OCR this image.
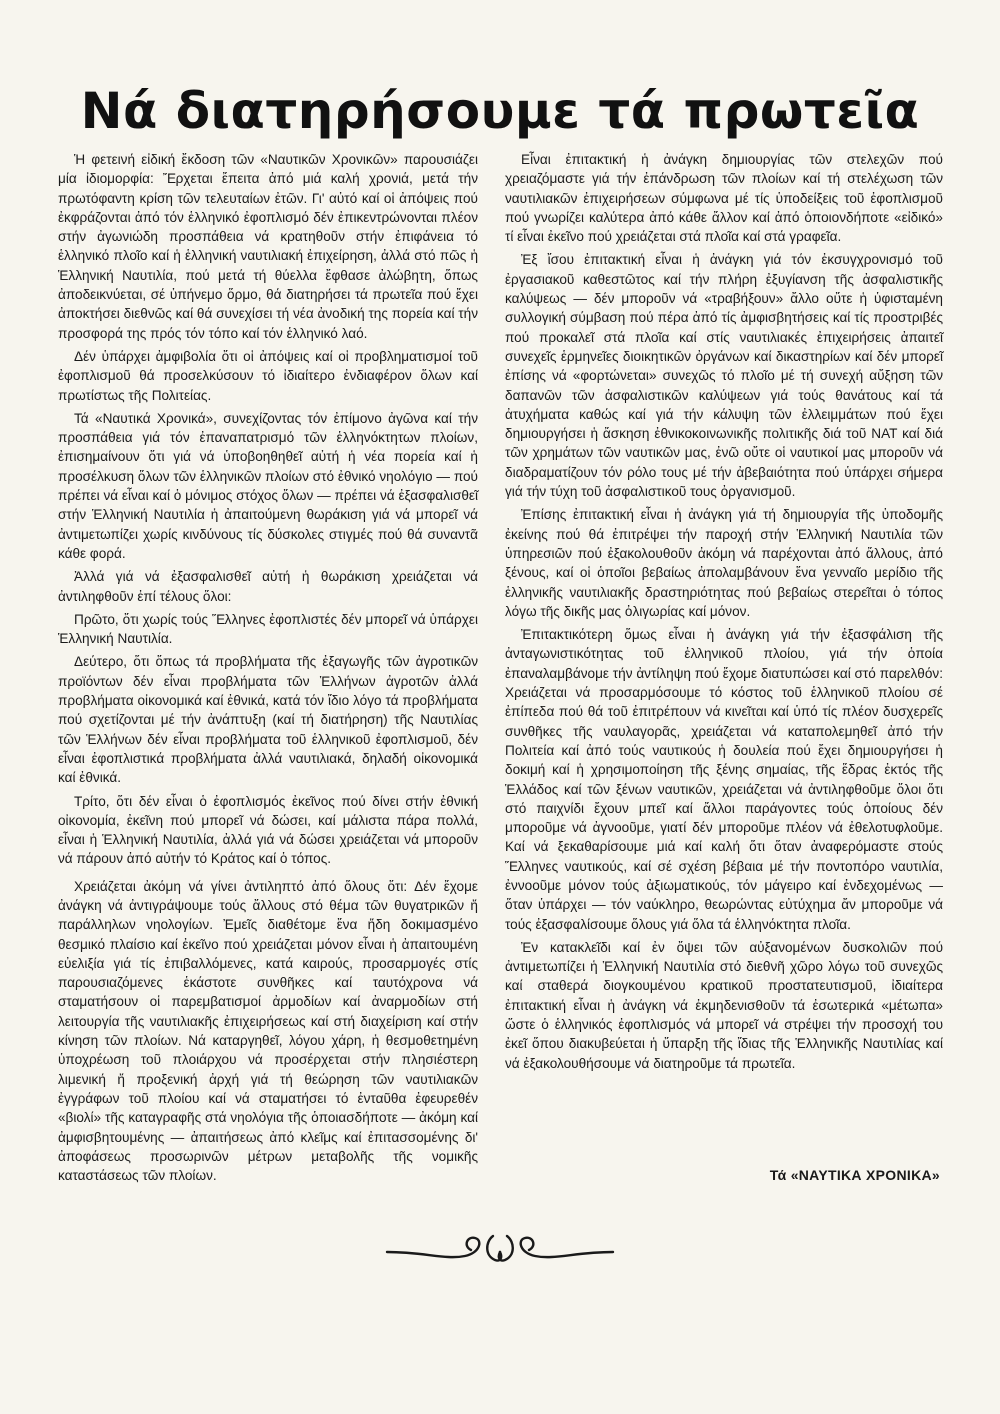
Νά διατηρήσουμε τά πρωτεῖα

Ἡ φετεινή εἰδική ἔκδοση τῶν «Ναυτικῶν Χρονικῶν» παρουσιάζει μία ἰδιομορφία: Ἔρχεται ἔπειτα ἀπό μιά καλή χρονιά, μετά τήν πρωτόφαντη κρίση τῶν τελευταίων ἐτῶν. Γι' αὐτό καί οἱ ἀπόψεις πού ἐκφράζονται ἀπό τόν ἑλληνικό ἐφοπλισμό δέν ἐπικεντρώνονται πλέον στήν ἀγωνιώδη προσπάθεια νά κρατηθοῦν στήν ἐπιφάνεια τό ἑλληνικό πλοῖο καί ἡ ἑλληνική ναυτιλιακή ἐπιχείρηση, ἀλλά στό πῶς ἡ Ἑλληνική Ναυτιλία, πού μετά τή θύελλα ἔφθασε ἀλώβητη, ὅπως ἀποδεικνύεται, σέ ὑπήνεμο ὅρμο, θά διατηρήσει τά πρωτεῖα πού ἔχει ἀποκτήσει διεθνῶς καί θά συνεχίσει τή νέα ἀνοδική της πορεία καί τήν προσφορά της πρός τόν τόπο καί τόν ἑλληνικό λαό.

Δέν ὑπάρχει ἀμφιβολία ὅτι οἱ ἀπόψεις καί οἱ προβληματισμοί τοῦ ἐφοπλισμοῦ θά προσελκύσουν τό ἰδιαίτερο ἐνδιαφέρον ὅλων καί πρωτίστως τῆς Πολιτείας.

Τά «Ναυτικά Χρονικά», συνεχίζοντας τόν ἐπίμονο ἀγῶνα καί τήν προσπάθεια γιά τόν ἐπαναπατρισμό τῶν ἑλληνόκτητων πλοίων, ἐπισημαίνουν ὅτι γιά νά ὑποβοηθηθεῖ αὐτή ἡ νέα πορεία καί ἡ προσέλκυση ὅλων τῶν ἑλληνικῶν πλοίων στό ἐθνικό νηολόγιο — πού πρέπει νά εἶναι καί ὁ μόνιμος στόχος ὅλων — πρέπει νά ἐξασφαλισθεῖ στήν Ἑλληνική Ναυτιλία ἡ ἀπαιτούμενη θωράκιση γιά νά μπορεῖ νά ἀντιμετωπίζει χωρίς κινδύνους τίς δύσκολες στιγμές πού θά συναντᾶ κάθε φορά.

Ἀλλά γιά νά ἐξασφαλισθεῖ αὐτή ἡ θωράκιση χρειάζεται νά ἀντιληφθοῦν ἐπί τέλους ὅλοι:

Πρῶτο, ὅτι χωρίς τούς Ἕλληνες ἐφοπλιστές δέν μπορεῖ νά ὑπάρχει Ἑλληνική Ναυτιλία.

Δεύτερο, ὅτι ὅπως τά προβλήματα τῆς ἐξαγωγῆς τῶν ἀγροτικῶν προϊόντων δέν εἶναι προβλήματα τῶν Ἑλλήνων ἀγροτῶν ἀλλά προβλήματα οἰκονομικά καί ἐθνικά, κατά τόν ἴδιο λόγο τά προβλήματα πού σχετίζονται μέ τήν ἀνάπτυξη (καί τή διατήρηση) τῆς Ναυτιλίας τῶν Ἑλλήνων δέν εἶναι προβλήματα τοῦ ἑλληνικοῦ ἐφοπλισμοῦ, δέν εἶναι ἐφοπλιστικά προβλήματα ἀλλά ναυτιλιακά, δηλαδή οἰκονομικά καί ἐθνικά.

Τρίτο, ὅτι δέν εἶναι ὁ ἐφοπλισμός ἐκεῖνος πού δίνει στήν ἐθνική οἰκονομία, ἐκεῖνη πού μπορεῖ νά δώσει, καί μάλιστα πάρα πολλά, εἶναι ἡ Ἑλληνική Ναυτιλία, ἀλλά γιά νά δώσει χρειάζεται νά μποροῦν νά πάρουν ἀπό αὐτήν τό Κράτος καί ὁ τόπος.

Χρειάζεται ἀκόμη νά γίνει ἀντιληπτό ἀπό ὅλους ὅτι: Δέν ἔχομε ἀνάγκη νά ἀντιγράψουμε τούς ἄλλους στό θέμα τῶν θυγατρικῶν ἤ παράλληλων νηολογίων. Ἐμεῖς διαθέτομε ἕνα ἤδη δοκιμασμένο θεσμικό πλαίσιο καί ἐκεῖνο πού χρειάζεται μόνον εἶναι ἡ ἀπαιτουμένη εὐελιξία γιά τίς ἐπιβαλλόμενες, κατά καιρούς, προσαρμογές στίς παρουσιαζόμενες ἑκάστοτε συνθῆκες καί ταυτόχρονα νά σταματήσουν οἱ παρεμβατισμοί ἀρμοδίων καί ἀναρμοδίων στή λειτουργία τῆς ναυτιλιακῆς ἐπιχειρήσεως καί στή διαχείριση καί στήν κίνηση τῶν πλοίων. Νά καταργηθεῖ, λόγου χάρη, ἡ θεσμοθετημένη ὑποχρέωση τοῦ πλοιάρχου νά προσέρχεται στήν πλησιέστερη λιμενική ἤ προξενική ἀρχή γιά τή θεώρηση τῶν ναυτιλιακῶν ἐγγράφων τοῦ πλοίου καί νά σταματήσει τό ἐνταῦθα ἐφευρεθέν «βιολί» τῆς καταγραφῆς στά νηολόγια τῆς ὁποιασδήποτε — ἀκόμη καί ἀμφισβητουμένης — ἀπαιτήσεως ἀπό κλεῖμς καί ἐπιτασσομένης δι' ἀποφάσεως προσωρινῶν μέτρων μεταβολῆς τῆς νομικῆς καταστάσεως τῶν πλοίων.

Εἶναι ἐπιτακτική ἡ ἀνάγκη δημιουργίας τῶν στελεχῶν πού χρειαζόμαστε γιά τήν ἐπάνδρωση τῶν πλοίων καί τή στελέχωση τῶν ναυτιλιακῶν ἐπιχειρήσεων σύμφωνα μέ τίς ὑποδείξεις τοῦ ἐφοπλισμοῦ πού γνωρίζει καλύτερα ἀπό κάθε ἄλλον καί ἀπό ὁποιονδήποτε «εἰδικό» τί εἶναι ἐκεῖνο πού χρειάζεται στά πλοῖα καί στά γραφεῖα.

Ἐξ ἴσου ἐπιτακτική εἶναι ἡ ἀνάγκη γιά τόν ἐκσυγχρονισμό τοῦ ἐργασιακοῦ καθεστῶτος καί τήν πλήρη ἐξυγίανση τῆς ἀσφαλιστικῆς καλύψεως — δέν μποροῦν νά «τραβήξουν» ἄλλο οὔτε ἡ ὑφισταμένη συλλογική σύμβαση πού πέρα ἀπό τίς ἀμφισβητήσεις καί τίς προστριβές πού προκαλεῖ στά πλοῖα καί στίς ναυτιλιακές ἐπιχειρήσεις ἀπαιτεῖ συνεχεῖς ἑρμηνεῖες διοικητικῶν ὀργάνων καί δικαστηρίων καί δέν μπορεῖ ἐπίσης νά «φορτώνεται» συνεχῶς τό πλοῖο μέ τή συνεχή αὔξηση τῶν δαπανῶν τῶν ἀσφαλιστικῶν καλύψεων γιά τούς θανάτους καί τά ἀτυχήματα καθώς καί γιά τήν κάλυψη τῶν ἐλλειμμάτων πού ἔχει δημιουργήσει ἡ ἄσκηση ἐθνικοκοινωνικῆς πολιτικῆς διά τοῦ ΝΑΤ καί διά τῶν χρημάτων τῶν ναυτικῶν μας, ἐνῶ οὔτε οἱ ναυτικοί μας μποροῦν νά διαδραματίζουν τόν ρόλο τους μέ τήν ἀβεβαιότητα πού ὑπάρχει σήμερα γιά τήν τύχη τοῦ ἀσφαλιστικοῦ τους ὀργανισμοῦ.

Ἐπίσης ἐπιτακτική εἶναι ἡ ἀνάγκη γιά τή δημιουργία τῆς ὑποδομῆς ἐκείνης πού θά ἐπιτρέψει τήν παροχή στήν Ἑλληνική Ναυτιλία τῶν ὑπηρεσιῶν πού ἐξακολουθοῦν ἀκόμη νά παρέχονται ἀπό ἄλλους, ἀπό ξένους, καί οἱ ὁποῖοι βεβαίως ἀπολαμβάνουν ἕνα γενναῖο μερίδιο τῆς ἑλληνικῆς ναυτιλιακῆς δραστηριότητας πού βεβαίως στερεῖται ὁ τόπος λόγω τῆς δικῆς μας ὀλιγωρίας καί μόνον.

Ἐπιτακτικότερη ὅμως εἶναι ἡ ἀνάγκη γιά τήν ἐξασφάλιση τῆς ἀνταγωνιστικότητας τοῦ ἑλληνικοῦ πλοίου, γιά τήν ὁποία ἐπαναλαμβάνομε τήν ἀντίληψη πού ἔχομε διατυπώσει καί στό παρελθόν: Χρειάζεται νά προσαρμόσουμε τό κόστος τοῦ ἑλληνικοῦ πλοίου σέ ἐπίπεδα πού θά τοῦ ἐπιτρέπουν νά κινεῖται καί ὑπό τίς πλέον δυσχερεῖς συνθῆκες τῆς ναυλαγορᾶς, χρειάζεται νά καταπολεμηθεῖ ἀπό τήν Πολιτεία καί ἀπό τούς ναυτικούς ἡ δουλεία πού ἔχει δημιουργήσει ἡ δοκιμή καί ἡ χρησιμοποίηση τῆς ξένης σημαίας, τῆς ἕδρας ἐκτός τῆς Ἑλλάδος καί τῶν ξένων ναυτικῶν, χρειάζεται νά ἀντιληφθοῦμε ὅλοι ὅτι στό παιχνίδι ἔχουν μπεῖ καί ἄλλοι παράγοντες τούς ὁποίους δέν μποροῦμε νά ἀγνοοῦμε, γιατί δέν μποροῦμε πλέον νά ἐθελοτυφλοῦμε. Καί νά ξεκαθαρίσουμε μιά καί καλή ὅτι ὅταν ἀναφερόμαστε στούς Ἕλληνες ναυτικούς, καί σέ σχέση βέβαια μέ τήν ποντοπόρο ναυτιλία, ἐννοοῦμε μόνον τούς ἀξιωματικούς, τόν μάγειρο καί ἐνδεχομένως — ὅταν ὑπάρχει — τόν ναύκληρο, θεωρώντας εὐτύχημα ἄν μποροῦμε νά τούς ἐξασφαλίσουμε ὅλους γιά ὅλα τά ἑλληνόκτητα πλοῖα.

Ἐν κατακλεῖδι καί ἐν ὄψει τῶν αὐξανομένων δυσκολιῶν πού ἀντιμετωπίζει ἡ Ἑλληνική Ναυτιλία στό διεθνῆ χῶρο λόγω τοῦ συνεχῶς καί σταθερά διογκουμένου κρατικοῦ προστατευτισμοῦ, ἰδιαίτερα ἐπιτακτική εἶναι ἡ ἀνάγκη νά ἐκμηδενισθοῦν τά ἐσωτερικά «μέτωπα» ὥστε ὁ ἑλληνικός ἐφοπλισμός νά μπορεῖ νά στρέψει τήν προσοχή του ἐκεῖ ὅπου διακυβεύεται ἡ ὕπαρξη τῆς ἴδιας τῆς Ἑλληνικῆς Ναυτιλίας καί νά ἐξακολουθήσουμε νά διατηροῦμε τά πρωτεῖα.

Τά «ΝΑΥΤΙΚΑ ΧΡΟΝΙΚΑ»
